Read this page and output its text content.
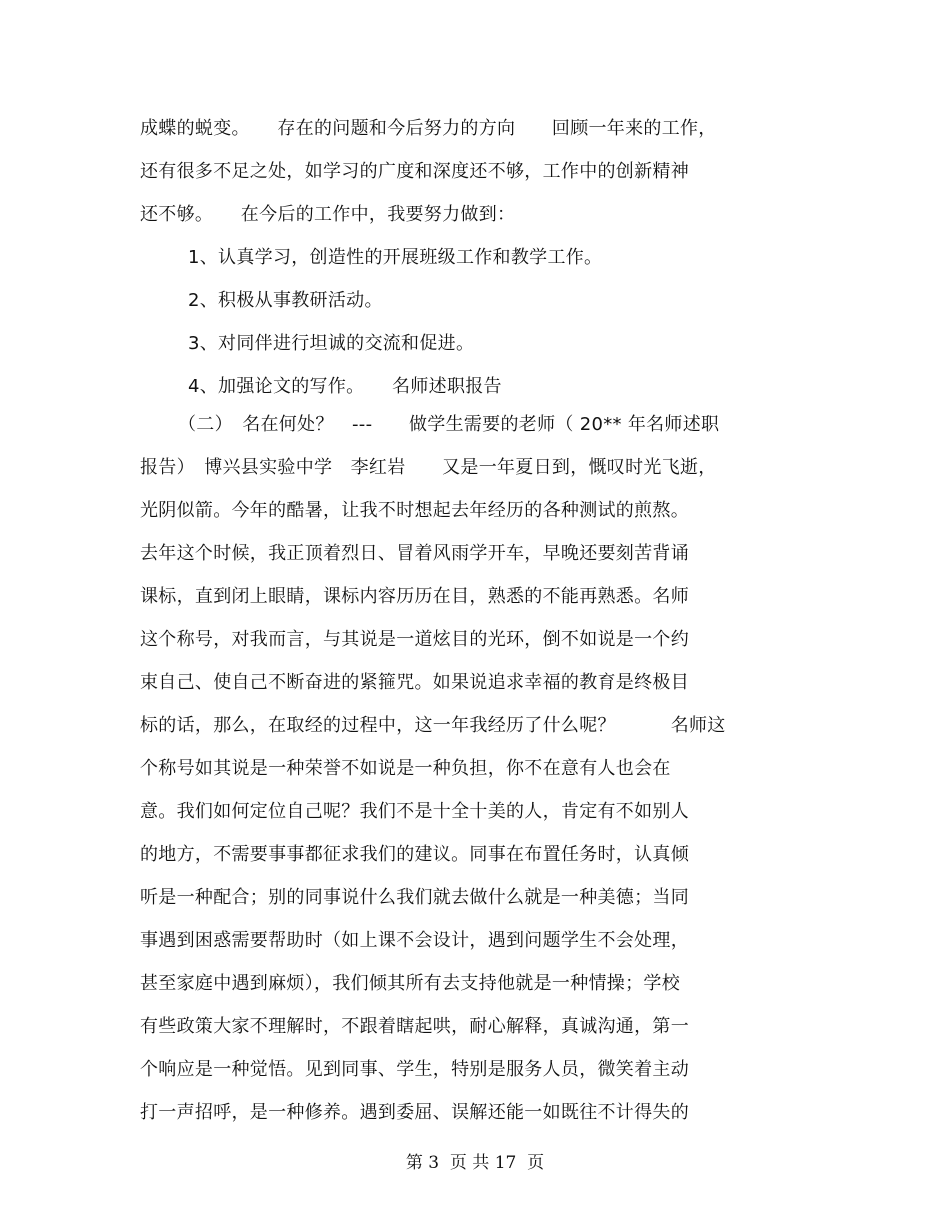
成蝶的蜕变。　　存在的问题和今后努力的方向　　回顾一年来的工作，
还有很多不足之处，如学习的广度和深度还不够，工作中的创新精神
还不够。　　在今后的工作中，我要努力做到：
1、认真学习，创造性的开展班级工作和教学工作。
2、积极从事教研活动。
3、对同伴进行坦诚的交流和促进。
4、加强论文的写作。　　名师述职报告
（二）　名在何处？　---　　做学生需要的老师（ 20** 年名师述职
报告）　博兴县实验中学　李红岩　　又是一年夏日到，慨叹时光飞逝，
光阴似箭。今年的酷暑，让我不时想起去年经历的各种测试的煎熬。
去年这个时候，我正顶着烈日、冒着风雨学开车，早晚还要刻苦背诵
课标，直到闭上眼睛，课标内容历历在目，熟悉的不能再熟悉。名师
这个称号，对我而言，与其说是一道炫目的光环，倒不如说是一个约
束自己、使自己不断奋进的紧箍咒。如果说追求幸福的教育是终极目
标的话，那么，在取经的过程中，这一年我经历了什么呢？　　　名师这
个称号如其说是一种荣誉不如说是一种负担，你不在意有人也会在
意。我们如何定位自己呢？我们不是十全十美的人，肯定有不如别人
的地方，不需要事事都征求我们的建议。同事在布置任务时，认真倾
听是一种配合；别的同事说什么我们就去做什么就是一种美德；当同
事遇到困惑需要帮助时（如上课不会设计，遇到问题学生不会处理，
甚至家庭中遇到麻烦），我们倾其所有去支持他就是一种情操；学校
有些政策大家不理解时，不跟着瞎起哄，耐心解释，真诚沟通，第一
个响应是一种觉悟。见到同事、学生，特别是服务人员，微笑着主动
打一声招呼，是一种修养。遇到委屈、误解还能一如既往不计得失的
第 3  页 共 17  页
